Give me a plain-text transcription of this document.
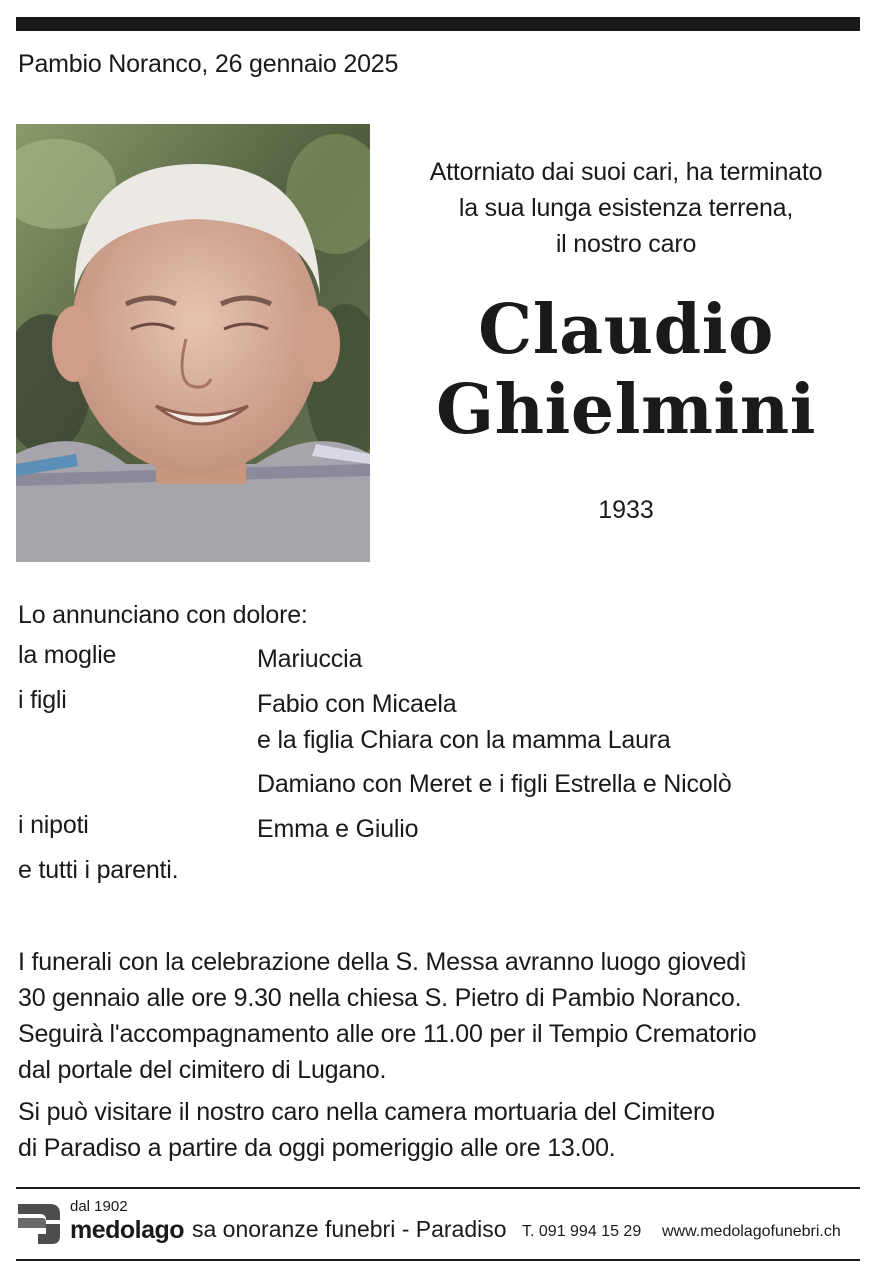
Pambio Noranco, 26 gennaio 2025
Attorniato dai suoi cari, ha terminato
la sua lunga esistenza terrena,
il nostro caro
Claudio
Ghielmini
1933
Lo annunciano con dolore:
la moglie	Mariuccia
i figli	Fabio con Micaela
e la figlia Chiara con la mamma Laura
Damiano con Meret e i figli Estrella e Nicolò
i nipoti	Emma e Giulio
e tutti i parenti.
I funerali con la celebrazione della S. Messa avranno luogo giovedì
30 gennaio alle ore 9.30 nella chiesa S. Pietro di Pambio Noranco.
Seguirà l'accompagnamento alle ore 11.00 per il Tempio Crematorio
dal portale del cimitero di Lugano.
Si può visitare il nostro caro nella camera mortuaria del Cimitero
di Paradiso a partire da oggi pomeriggio alle ore 13.00.
dal 1902
medolago sa onoranze funebri - Paradiso T. 091 994 15 29 www.medolagofunebri.ch
